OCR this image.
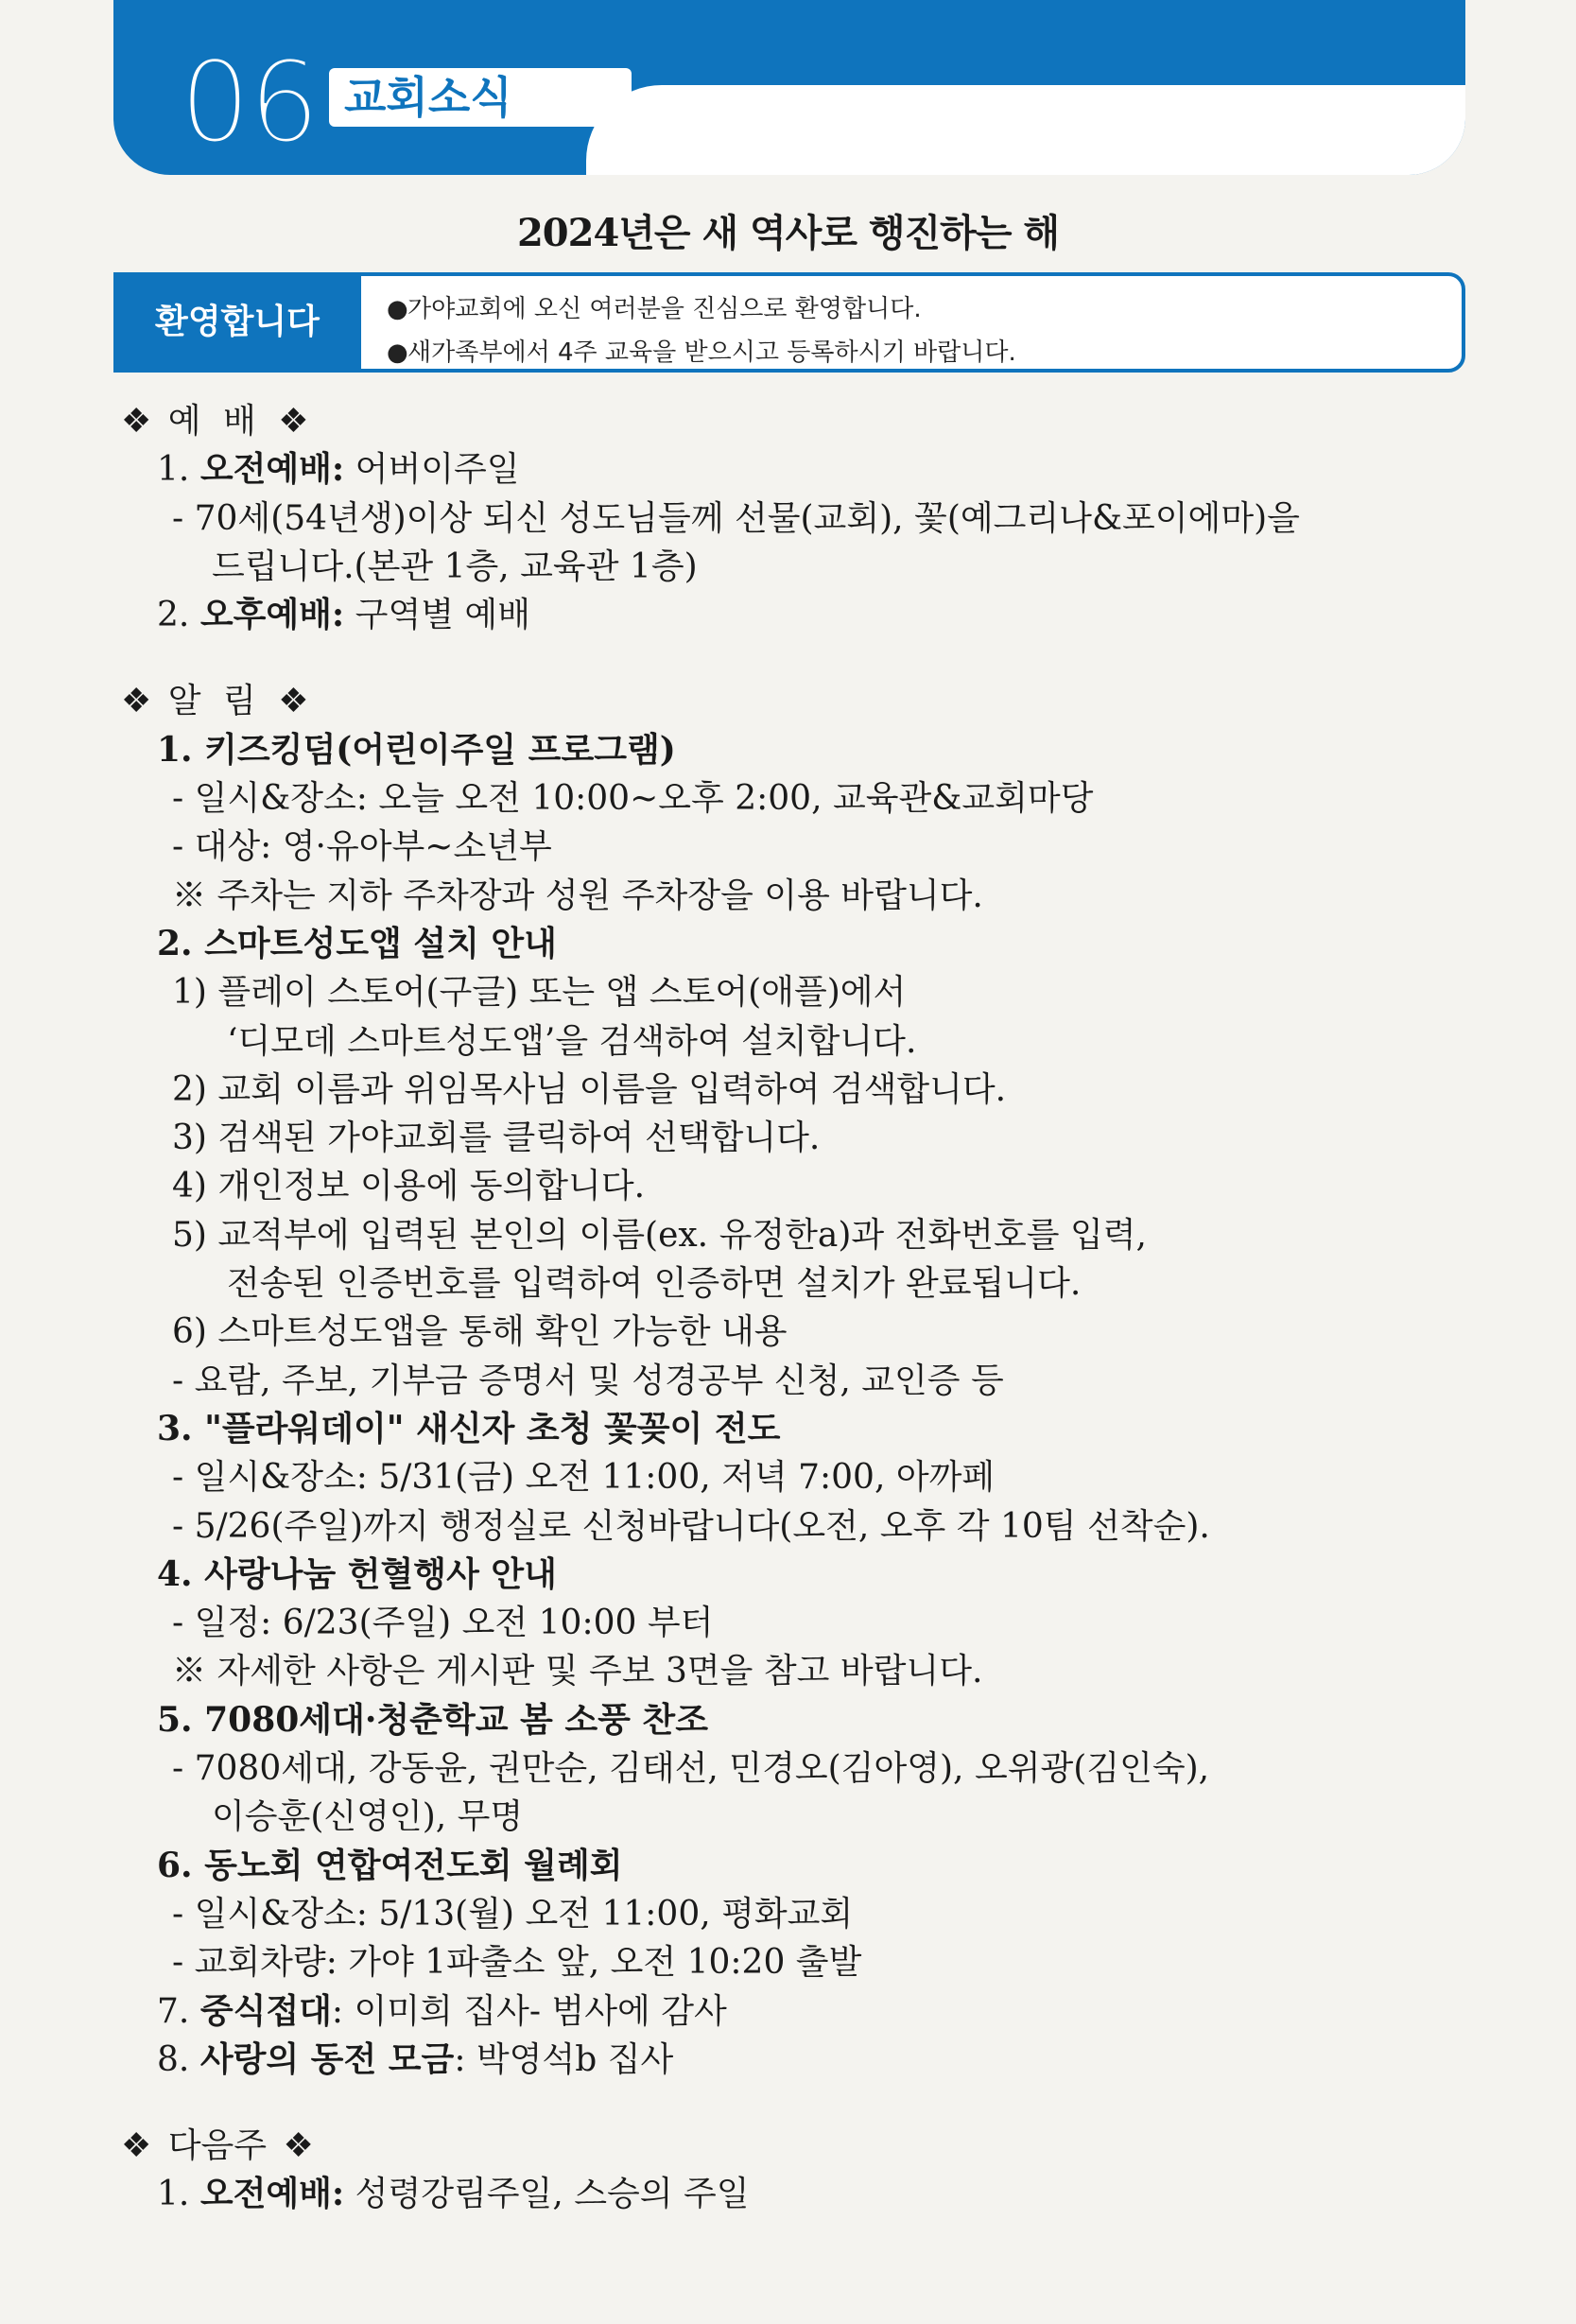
06 교회소식
2024년은 새 역사로 행진하는 해
환영합니다	●가야교회에 오신 여러분을 진심으로 환영합니다.
●새가족부에서 4주 교육을 받으시고 등록하시기 바랍니다.
❖ 예 배 ❖
1. 오전예배: 어버이주일
- 70세(54년생)이상 되신 성도님들께 선물(교회), 꽃(예그리나&포이에마)을
드립니다.(본관 1층, 교육관 1층)
2. 오후예배: 구역별 예배
❖ 알 림 ❖
1. 키즈킹덤(어린이주일 프로그램)
- 일시&장소: 오늘 오전 10:00~오후 2:00, 교육관&교회마당
- 대상: 영·유아부~소년부
※ 주차는 지하 주차장과 성원 주차장을 이용 바랍니다.
2. 스마트성도앱 설치 안내
1) 플레이 스토어(구글) 또는 앱 스토어(애플)에서
‘디모데 스마트성도앱’을 검색하여 설치합니다.
2) 교회 이름과 위임목사님 이름을 입력하여 검색합니다.
3) 검색된 가야교회를 클릭하여 선택합니다.
4) 개인정보 이용에 동의합니다.
5) 교적부에 입력된 본인의 이름(ex. 유정한a)과 전화번호를 입력,
전송된 인증번호를 입력하여 인증하면 설치가 완료됩니다.
6) 스마트성도앱을 통해 확인 가능한 내용
- 요람, 주보, 기부금 증명서 및 성경공부 신청, 교인증 등
3. "플라워데이" 새신자 초청 꽃꽂이 전도
- 일시&장소: 5/31(금) 오전 11:00, 저녁 7:00, 아까페
- 5/26(주일)까지 행정실로 신청바랍니다(오전, 오후 각 10팀 선착순).
4. 사랑나눔 헌혈행사 안내
- 일정: 6/23(주일) 오전 10:00 부터
※ 자세한 사항은 게시판 및 주보 3면을 참고 바랍니다.
5. 7080세대·청춘학교 봄 소풍 찬조
- 7080세대, 강동윤, 권만순, 김태선, 민경오(김아영), 오위광(김인숙),
이승훈(신영인), 무명
6. 동노회 연합여전도회 월례회
- 일시&장소: 5/13(월) 오전 11:00, 평화교회
- 교회차량: 가야 1파출소 앞, 오전 10:20 출발
7. 중식접대: 이미희 집사- 범사에 감사
8. 사랑의 동전 모금: 박영석b 집사
❖ 다음주 ❖
1. 오전예배: 성령강림주일, 스승의 주일
